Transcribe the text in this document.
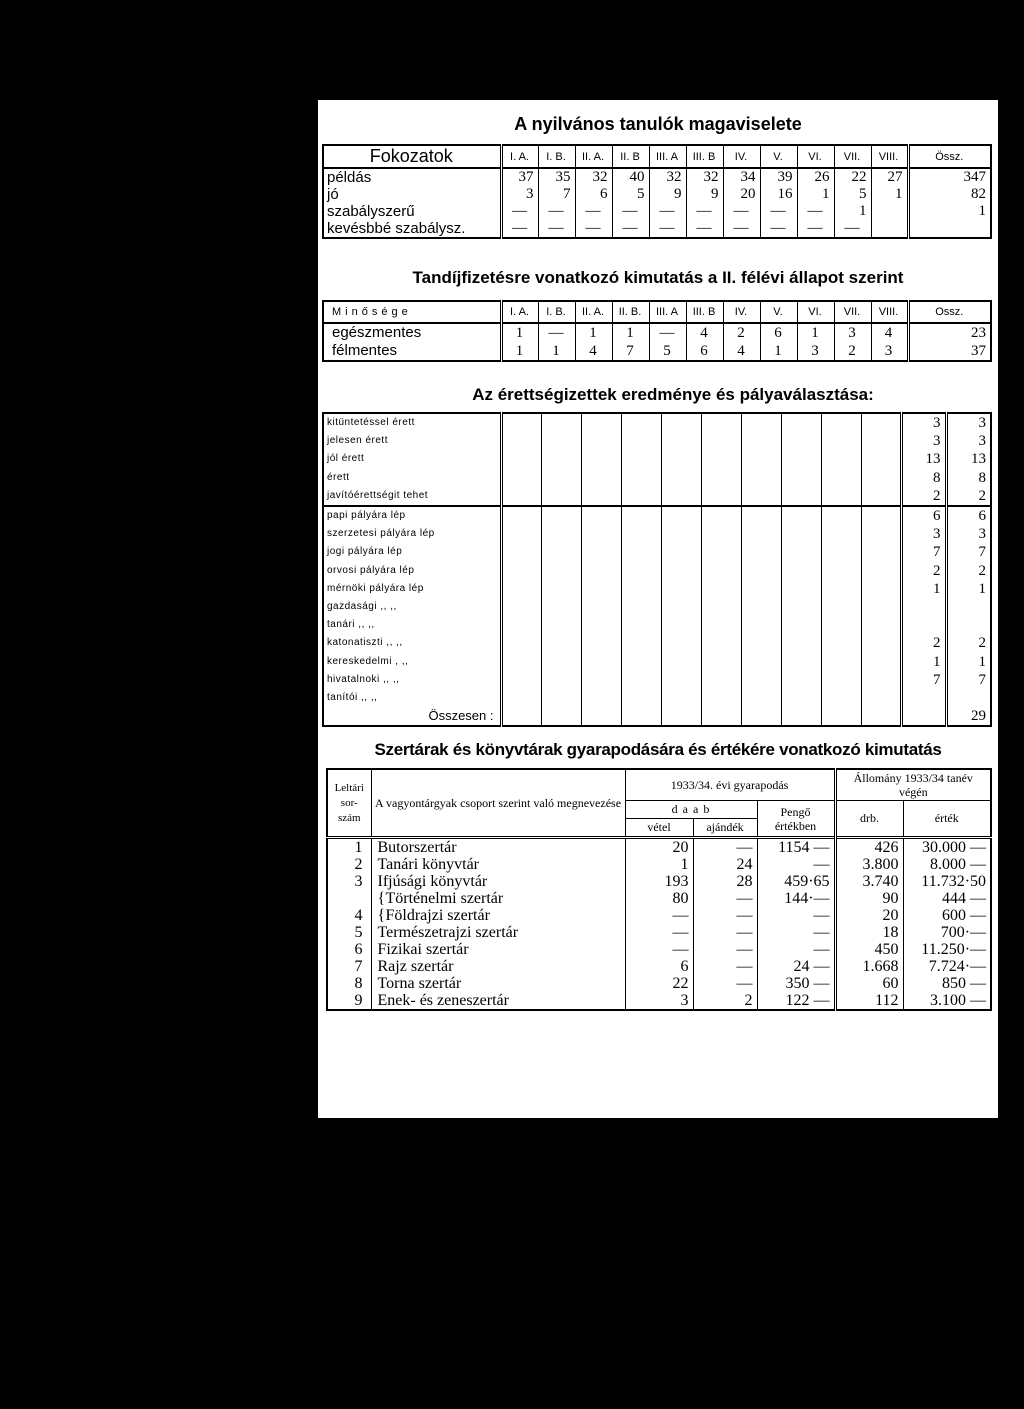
A nyilvános tanulók magaviselete
Fokozatok	I. A.	I. B.	II. A.	II. B	III. A	III. B	IV.	V.	VI.	VII.	VIII.	Össz.
példás	37	35	32	40	32	32	34	39	26	22	27	347
jó	3	7	6	5	9	9	20	16	1	5	1	82
szabályszerű	—	—	—	—	—	—	—	—	—	1		1
kevésbbé szabálysz.	—	—	—	—	—	—	—	—	—	—		
Tandíjfizetésre vonatkozó kimutatás a II. félévi állapot szerint
Minősége	I. A.	I. B.	II. A.	II. B.	III. A	III. B	IV.	V.	VI.	VII.	VIII.	Ossz.
egészmentes	1	—	1	1	—	4	2	6	1	3	4	23
félmentes	1	1	4	7	5	6	4	1	3	2	3	37
Az érettségizettek eredménye és pályaválasztása:
kitüntetéssel érett											3	3
jelesen érett											3	3
jól érett											13	13
érett											8	8
javítóérettségit tehet											2	2
papi pályára lép											6	6
szerzetesi pályára lép											3	3
jogi pályára lép											7	7
orvosi pályára lép											2	2
mérnöki pályára lép											1	1
gazdasági ,, ,,												
tanári ,, ,,												
katonatiszti ,, ,,											2	2
kereskedelmi , ,,											1	1
hivatalnoki ,, ,,											7	7
tanítói ,, ,,												
Összesen :												29
Szertárak és könyvtárak gyarapodására és értékére vonatkozó kimutatás
Leltári sor-szám	A vagyontárgyak csoport szerint való megnevezése	1933/34. évi gyarapodás			Állomány 1933/34 tanév végén	
		d a a b		Pengő értékben	drb.	érték
		vétel	ajándék			
1	Butorszertár	20	—	1154 —	426	30.000 —
2	Tanári könyvtár	1	24	—	3.800	8.000 —
3	Ifjúsági könyvtár	193	28	459·65	3.740	11.732·50
	{Történelmi szertár	80	—	144·—	90	444 —
4	{Földrajzi szertár	—	—	—	20	600 —
5	Természetrajzi szertár	—	—	—	18	700·—
6	Fizikai szertár	—	—	—	450	11.250·—
7	Rajz szertár	6	—	24 —	1.668	7.724·—
8	Torna szertár	22	—	350 —	60	850 —
9	Enek- és zeneszertár	3	2	122 —	112	3.100 —
